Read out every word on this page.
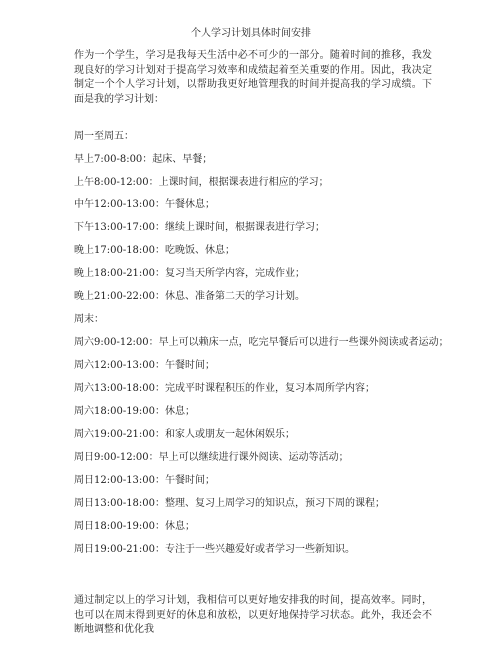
个人学习计划具体时间安排
作为一个学生，学习是我每天生活中必不可少的一部分。随着时间的推移，我发现良好的学习计划对于提高学习效率和成绩起着至关重要的作用。因此，我决定制定一个个人学习计划，以帮助我更好地管理我的时间并提高我的学习成绩。下面是我的学习计划：
周一至周五：
早上7:00-8:00：起床、早餐；
上午8:00-12:00：上课时间，根据课表进行相应的学习；
中午12:00-13:00：午餐休息；
下午13:00-17:00：继续上课时间，根据课表进行学习；
晚上17:00-18:00：吃晚饭、休息；
晚上18:00-21:00：复习当天所学内容，完成作业；
晚上21:00-22:00：休息、准备第二天的学习计划。
周末：
周六9:00-12:00：早上可以赖床一点，吃完早餐后可以进行一些课外阅读或者运动；
周六12:00-13:00：午餐时间；
周六13:00-18:00：完成平时课程积压的作业，复习本周所学内容；
周六18:00-19:00：休息；
周六19:00-21:00：和家人或朋友一起休闲娱乐；
周日9:00-12:00：早上可以继续进行课外阅读、运动等活动；
周日12:00-13:00：午餐时间；
周日13:00-18:00：整理、复习上周学习的知识点，预习下周的课程；
周日18:00-19:00：休息；
周日19:00-21:00：专注于一些兴趣爱好或者学习一些新知识。
通过制定以上的学习计划，我相信可以更好地安排我的时间，提高效率。同时，也可以在周末得到更好的休息和放松，以更好地保持学习状态。此外，我还会不断地调整和优化我
